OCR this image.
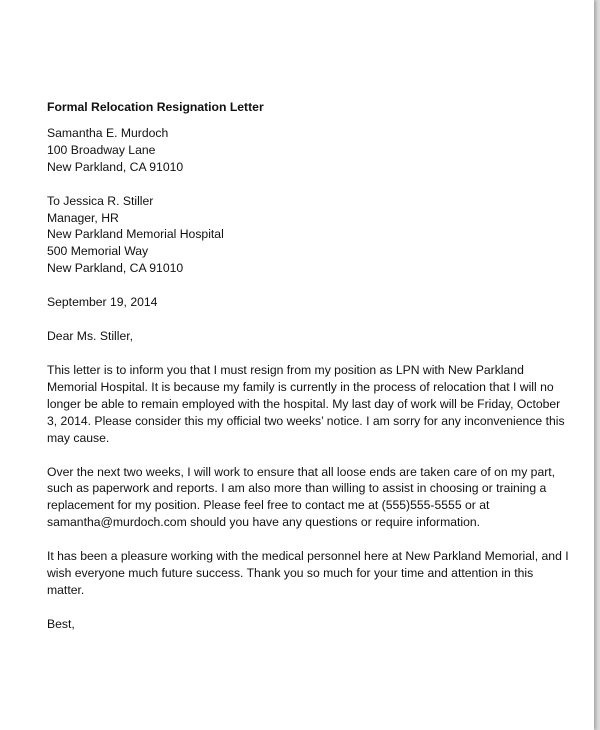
Formal Relocation Resignation Letter
Samantha E. Murdoch
100 Broadway Lane
New Parkland, CA 91010
To Jessica R. Stiller
Manager, HR
New Parkland Memorial Hospital
500 Memorial Way
New Parkland, CA 91010
September 19, 2014
Dear Ms. Stiller,
This letter is to inform you that I must resign from my position as LPN with New Parkland
Memorial Hospital. It is because my family is currently in the process of relocation that I will no
longer be able to remain employed with the hospital. My last day of work will be Friday, October
3, 2014. Please consider this my official two weeks’ notice. I am sorry for any inconvenience this
may cause.
Over the next two weeks, I will work to ensure that all loose ends are taken care of on my part,
such as paperwork and reports. I am also more than willing to assist in choosing or training a
replacement for my position. Please feel free to contact me at (555)555-5555 or at
samantha@murdoch.com should you have any questions or require information.
It has been a pleasure working with the medical personnel here at New Parkland Memorial, and I
wish everyone much future success. Thank you so much for your time and attention in this
matter.
Best,
